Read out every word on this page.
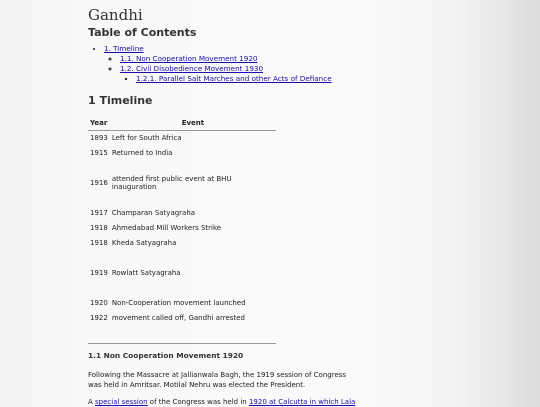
Gandhi
Table of Contents
• 1. Timeline
◦ 1.1. Non Cooperation Movement 1920
◦ 1.2. Civil Disobedience Movement 1930
▪ 1.2.1. Parallel Salt Marches and other Acts of Defiance
1 Timeline
Year	Event
1893	Left for South Africa
1915	Returned to India
1916	attended first public event at BHU inauguration
1917	Champaran Satyagraha
1918	Ahmedabad Mill Workers Strike
1918	Kheda Satyagraha
1919	Rowlatt Satyagraha
1920	Non-Cooperation movement launched
1922	movement called off, Gandhi arrested
1.1 Non Cooperation Movement 1920

Following the Massacre at Jallianwala Bagh, the 1919 session of Congress was held in Amritsar. Motilal Nehru was elected the President.

A special session of the Congress was held in 1920 at Calcutta in which Lala
